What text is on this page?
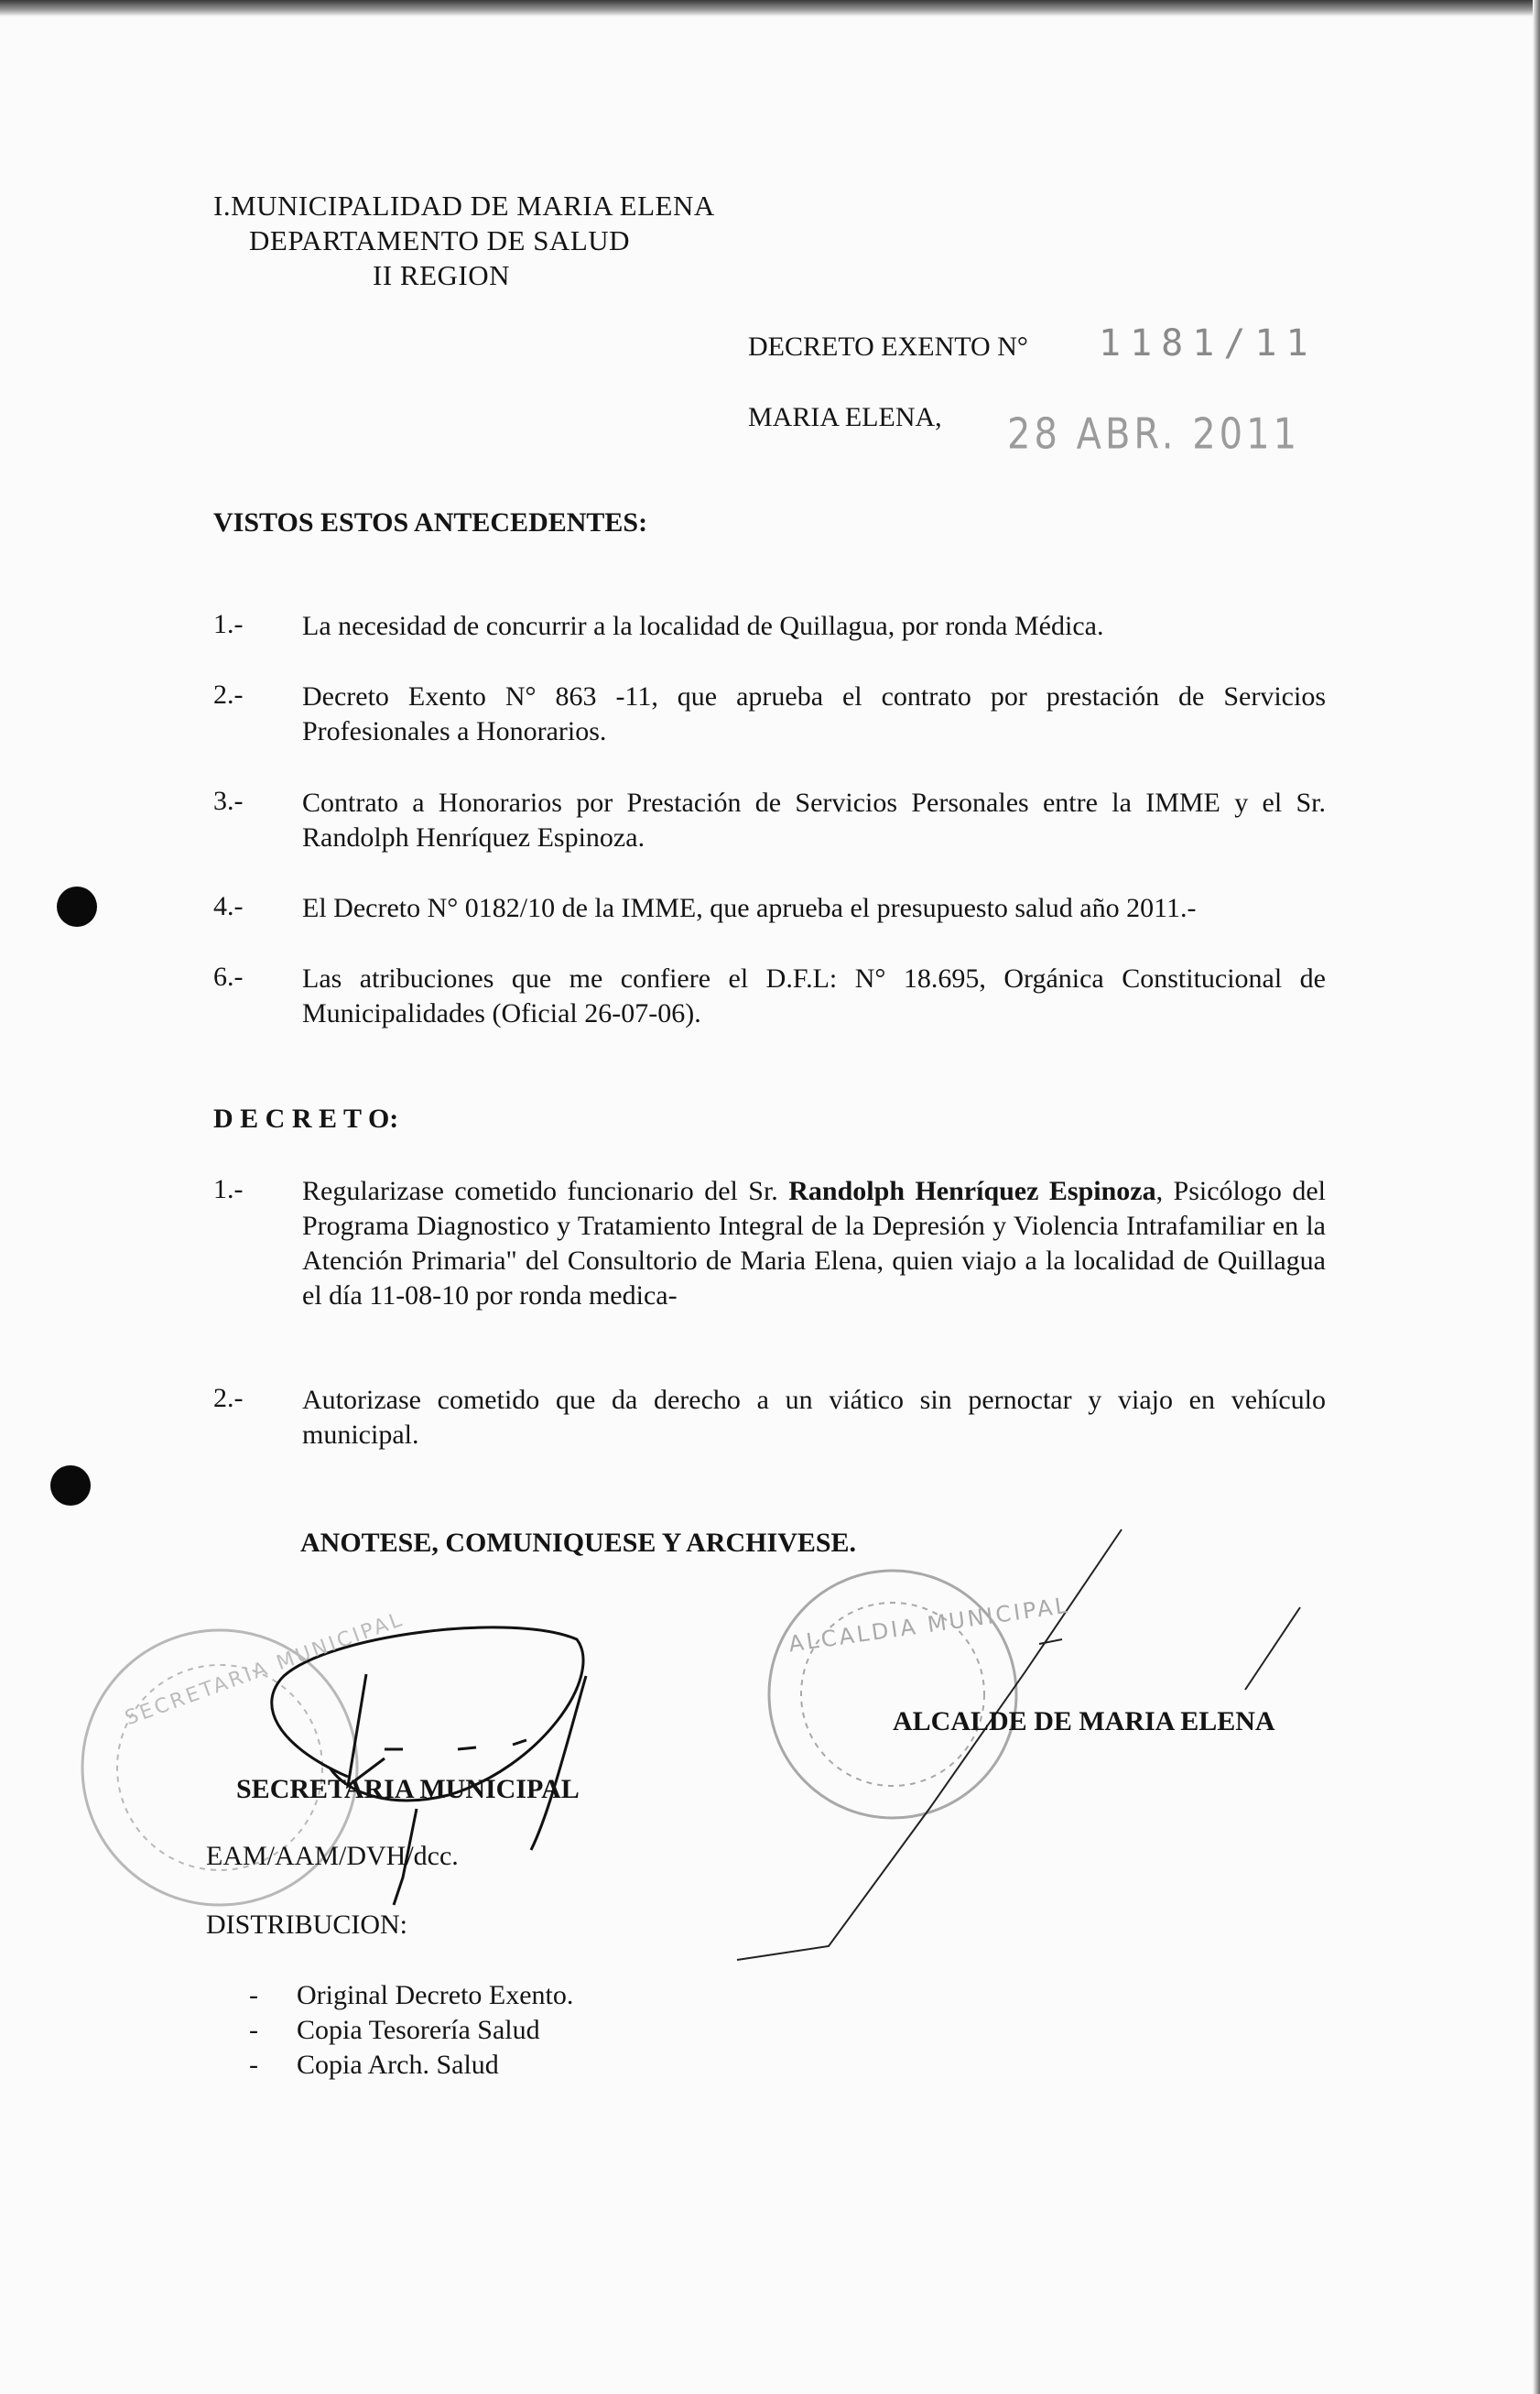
I.MUNICIPALIDAD DE MARIA ELENA
DEPARTAMENTO DE SALUD
II REGION
DECRETO EXENTO N° 1181/11
MARIA ELENA, 28 ABR. 2011
VISTOS ESTOS ANTECEDENTES:
1.- La necesidad de concurrir a la localidad de Quillagua, por ronda Médica.
2.- Decreto Exento N° 863 -11, que aprueba el contrato por prestación de Servicios Profesionales a Honorarios.
3.- Contrato a Honorarios por Prestación de Servicios Personales entre la IMME y el Sr. Randolph Henríquez Espinoza.
4.- El Decreto N° 0182/10 de la IMME, que aprueba el presupuesto salud año 2011.-
6.- Las atribuciones que me confiere el D.F.L: N° 18.695, Orgánica Constitucional de Municipalidades (Oficial 26-07-06).
D E C R E T O:
1.- Regularizase cometido funcionario del Sr. Randolph Henríquez Espinoza, Psicólogo del Programa Diagnostico y Tratamiento Integral de la Depresión y Violencia Intrafamiliar en la Atención Primaria" del Consultorio de Maria Elena, quien viajo a la localidad de Quillagua el día 11-08-10 por ronda medica-
2.- Autorizase cometido que da derecho a un viático sin pernoctar y viajo en vehículo municipal.
ANOTESE, COMUNIQUESE Y ARCHIVESE.
ALCALDIA MUNICIPAL
SECRETARIA MUNICIPAL	ALCALDE DE MARIA ELENA
SECRETARIA MUNICIPAL
EAM/AAM/DVH/dcc.
DISTRIBUCION:
- Original Decreto Exento.
- Copia Tesorería Salud
- Copia Arch. Salud
